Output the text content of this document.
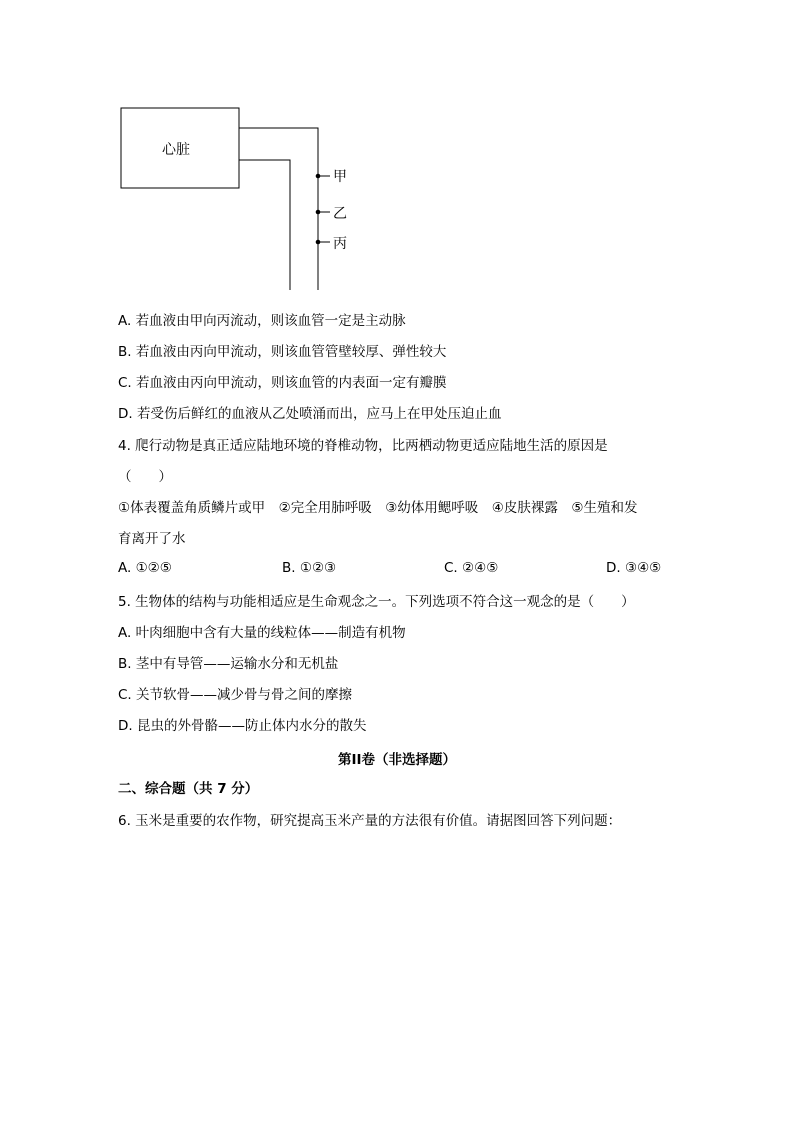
心脏
甲
乙
丙
A. 若血液由甲向丙流动，则该血管一定是主动脉
B. 若血液由丙向甲流动，则该血管管壁较厚、弹性较大
C. 若血液由丙向甲流动，则该血管的内表面一定有瓣膜
D. 若受伤后鲜红的血液从乙处喷涌而出，应马上在甲处压迫止血
4. 爬行动物是真正适应陆地环境的脊椎动物，比两栖动物更适应陆地生活的原因是
（　　）
①体表覆盖角质鳞片或甲　②完全用肺呼吸　③幼体用鳃呼吸　④皮肤裸露　⑤生殖和发
育离开了水
A. ①②⑤	B. ①②③	C. ②④⑤	D. ③④⑤
5. 生物体的结构与功能相适应是生命观念之一。下列选项不符合这一观念的是（　　）
A. 叶肉细胞中含有大量的线粒体——制造有机物
B. 茎中有导管——运输水分和无机盐
C. 关节软骨——减少骨与骨之间的摩擦
D. 昆虫的外骨骼——防止体内水分的散失
第II卷（非选择题）
二、综合题（共 7 分）
6. 玉米是重要的农作物，研究提高玉米产量的方法很有价值。请据图回答下列问题：
